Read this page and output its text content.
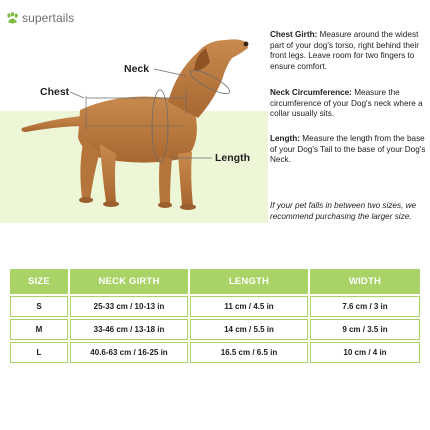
supertails
Neck
Chest
Length

Chest Girth: Measure around the widest part of your dog's torso, right behind their front legs. Leave room for two fingers to ensure comfort.

Neck Circumference: Measure the circumference of your Dog's neck where a collar usually sits.

Length: Measure the length from the base of your Dog's Tail to the base of your Dog's Neck.

If your pet falls in between two sizes, we recommend purchasing the larger size.

SIZE	NECK GIRTH	LENGTH	WIDTH
S	25-33 cm / 10-13 in	11 cm / 4.5 in	7.6 cm / 3 in
M	33-46 cm / 13-18 in	14 cm / 5.5 in	9 cm / 3.5 in
L	40.6-63 cm / 16-25 in	16.5 cm / 6.5 in	10 cm / 4 in
